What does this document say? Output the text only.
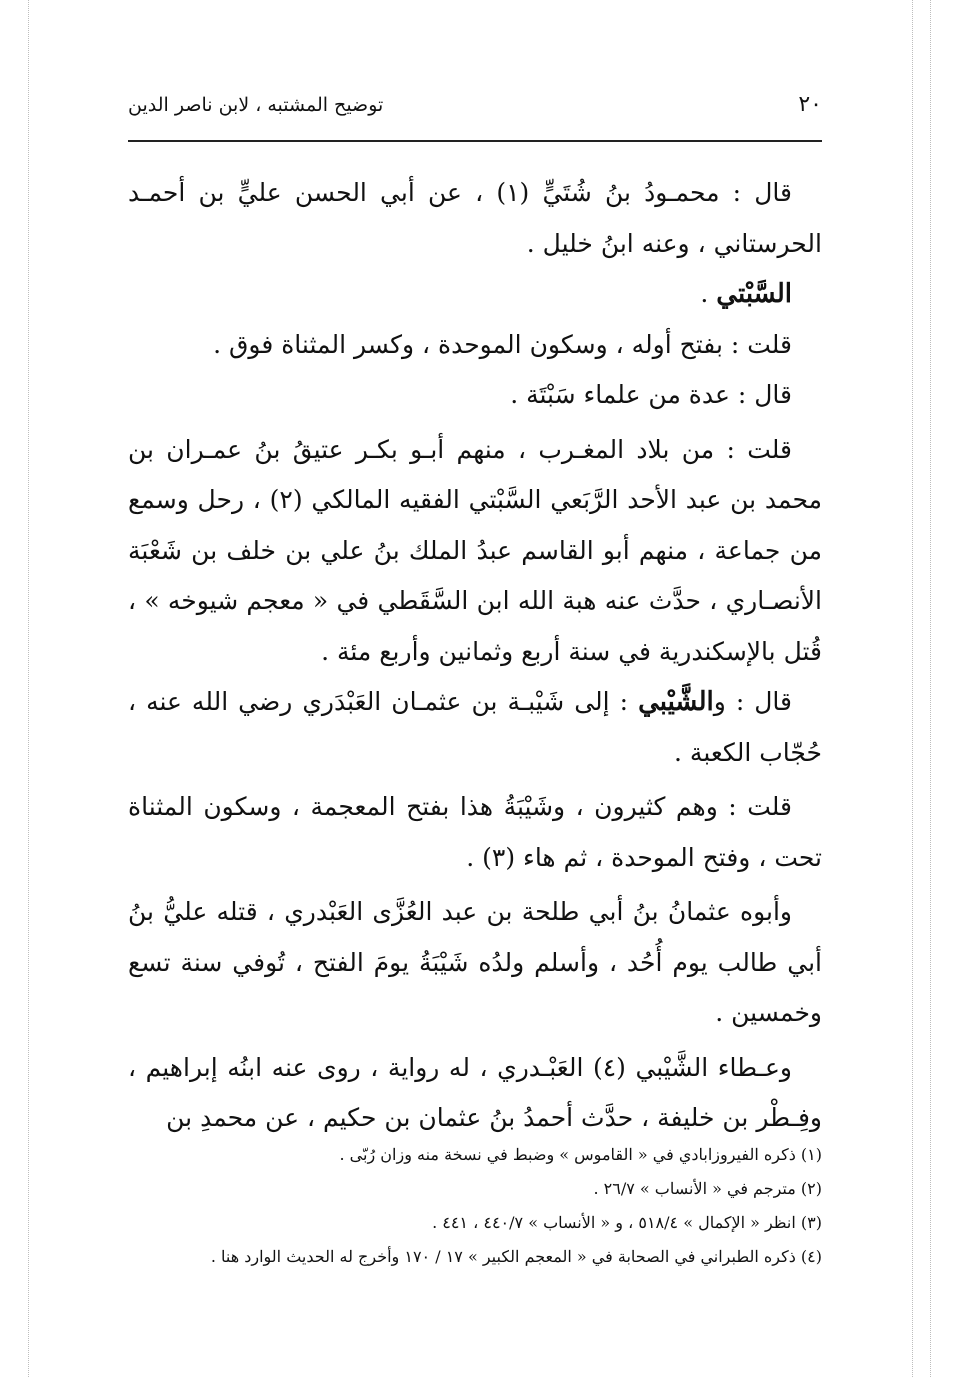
٢٠
توضيح المشتبه ، لابن ناصر الدين

قال : محمـودُ بنُ شُتَيٍّ (١) ، عن أبي الحسن عليٍّ بن أحمـد الحرستاني ، وعنه ابنُ خليل .

السَّبْتي .

قلت : بفتح أوله ، وسكون الموحدة ، وكسر المثناة فوق .

قال : عدة من علماء سَبْتَة .

قلت : من بلاد المغـرب ، منهم أبـو بكـر عتيقُ بنُ عمـران بن محمد بن عبد الأحد الرَّبَعي السَّبْتي الفقيه المالكي (٢) ، رحل وسمع من جماعة ، منهم أبو القاسم عبدُ الملك بنُ علي بن خلف بن شَعْبَة الأنصـاري ، حدَّث عنه هبة الله ابن السَّقَطي في « معجم شيوخه » ، قُتل بالإسكندرية في سنة أربع وثمانين وأربع مئة .

قال : والشَّيْبي : إلى شَيْبـة بن عثمـان العَبْدَري رضي الله عنه ، حُجّاب الكعبة .

قلت : وهم كثيرون ، وشَيْبَةُ هذا بفتح المعجمة ، وسكون المثناة تحت ، وفتح الموحدة ، ثم هاء (٣) .

وأبوه عثمانُ بنُ أبي طلحة بن عبد العُزَّى العَبْدري ، قتله عليُّ بنُ أبي طالب يوم أُحُد ، وأسلم ولدُه شَيْبَةُ يومَ الفتح ، تُوفي سنة تسع وخمسين .

وعـطاء الشَّيْبي (٤) العَبْـدري ، له رواية ، روى عنه ابنُه إبراهيم ، وفِـطْر بن خليفة ، حدَّث أحمدُ بنُ عثمان بن حكيم ، عن محمدِ بن

(١) ذكره الفيروزابادي في « القاموس » وضبط في نسخة منه وزان رُبّى .

(٢) مترجم في « الأنساب » ٢٦/٧ .

(٣) انظر « الإكمال » ٥١٨/٤ ، و « الأنساب » ٤٤٠/٧ ، ٤٤١ .

(٤) ذكره الطبراني في الصحابة في « المعجم الكبير » ١٧ / ١٧٠ وأخرج له الحديث الوارد هنا .
